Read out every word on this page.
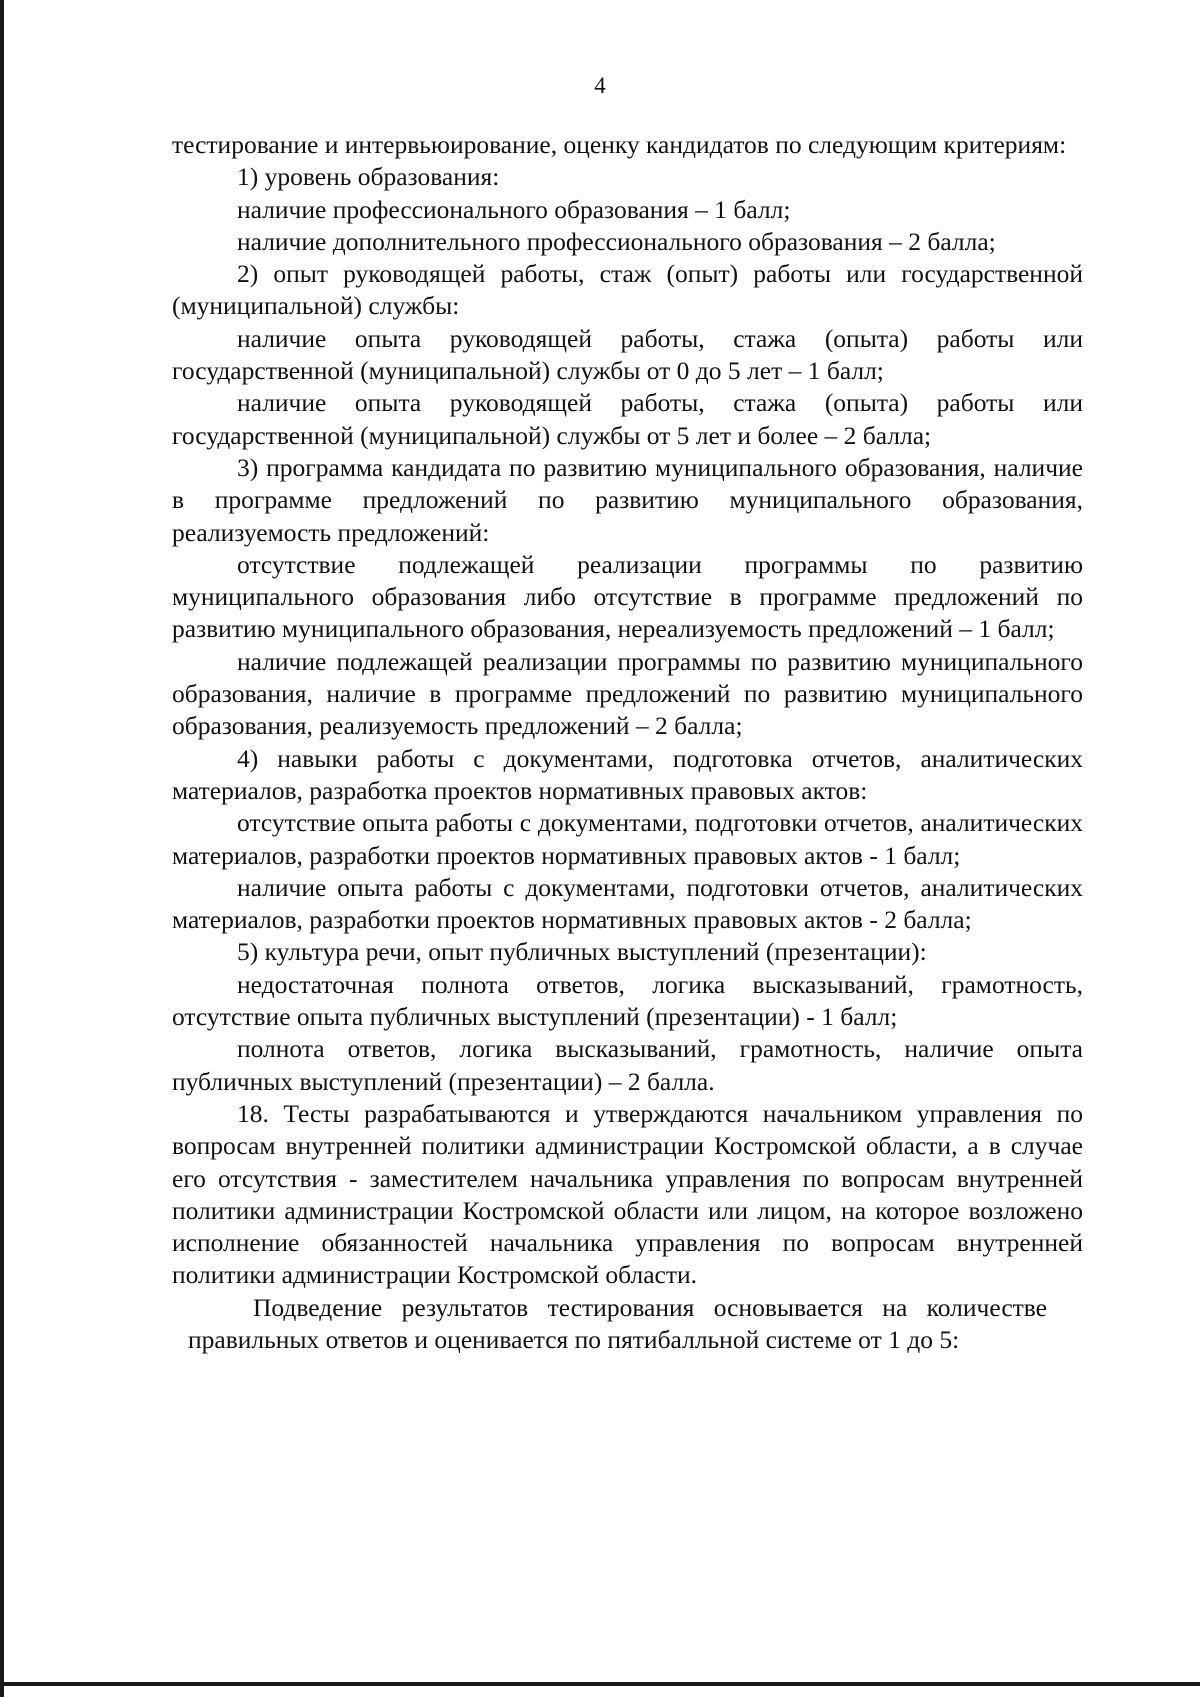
4

тестирование и интервьюирование, оценку кандидатов по следующим критериям:

1) уровень образования:

наличие профессионального образования – 1 балл;

наличие дополнительного профессионального образования – 2 балла;

2) опыт руководящей работы, стаж (опыт) работы или государственной (муниципальной) службы:

наличие опыта руководящей работы, стажа (опыта) работы или государственной (муниципальной) службы от 0 до 5 лет – 1 балл;

наличие опыта руководящей работы, стажа (опыта) работы или государственной (муниципальной) службы от 5 лет и более – 2 балла;

3) программа кандидата по развитию муниципального образования, наличие в программе предложений по развитию муниципального образования, реализуемость предложений:

отсутствие подлежащей реализации программы по развитию муниципального образования либо отсутствие в программе предложений по развитию муниципального образования, нереализуемость предложений – 1 балл;

наличие подлежащей реализации программы по развитию муниципального образования, наличие в программе предложений по развитию муниципального образования, реализуемость предложений – 2 балла;

4) навыки работы с документами, подготовка отчетов, аналитических материалов, разработка проектов нормативных правовых актов:

отсутствие опыта работы с документами, подготовки отчетов, аналитических материалов, разработки проектов нормативных правовых актов - 1 балл;

наличие опыта работы с документами, подготовки отчетов, аналитических материалов, разработки проектов нормативных правовых актов - 2 балла;

5) культура речи, опыт публичных выступлений (презентации):

недостаточная полнота ответов, логика высказываний, грамотность, отсутствие опыта публичных выступлений (презентации) - 1 балл;

полнота ответов, логика высказываний, грамотность, наличие опыта публичных выступлений (презентации) – 2 балла.

18. Тесты разрабатываются и утверждаются начальником управления по вопросам внутренней политики администрации Костромской области, а в случае его отсутствия - заместителем начальника управления по вопросам внутренней политики администрации Костромской области или лицом, на которое возложено исполнение обязанностей начальника управления по вопросам внутренней политики администрации Костромской области.

Подведение результатов тестирования основывается на количестве правильных ответов и оценивается по пятибалльной системе от 1 до 5:
